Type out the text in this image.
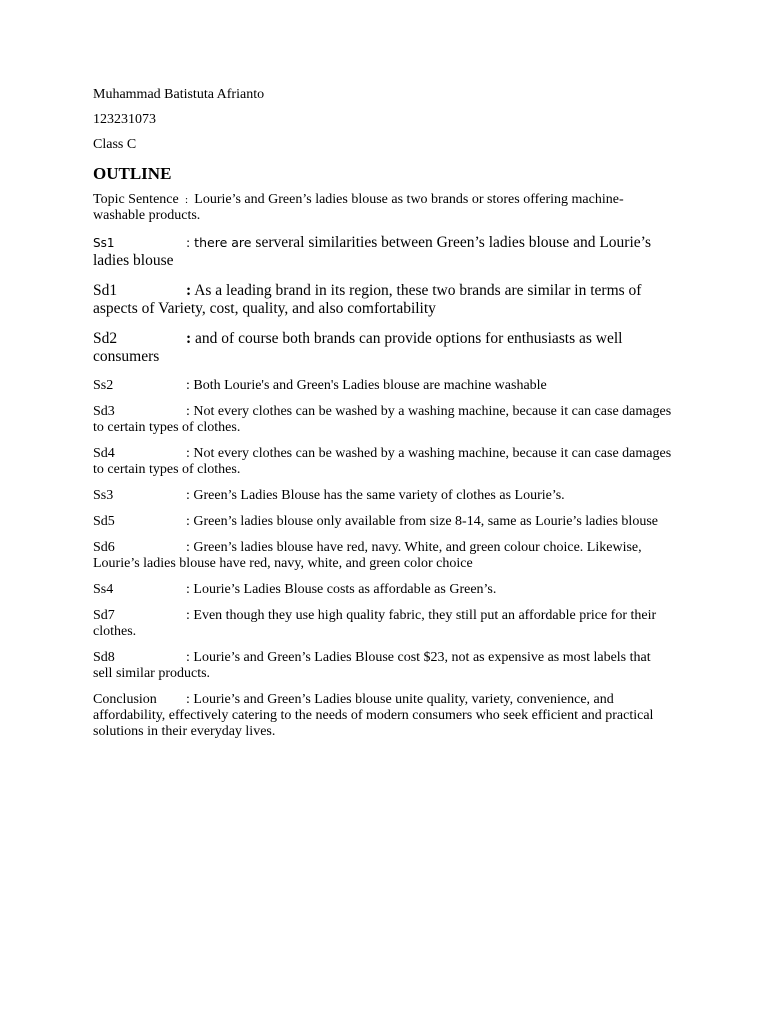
Muhammad Batistuta Afrianto

123231073

Class C

OUTLINE
Topic Sentence  :  Lourie’s and Green’s ladies blouse as two brands or stores offering machine-washable products.
Ss1	: there are serveral similarities between Green’s ladies blouse and Lourie’s ladies blouse
Sd1	: As a leading brand in its region, these two brands are similar in terms of aspects of Variety, cost, quality, and also comfortability
Sd2	: and of course both brands can provide options for enthusiasts as well consumers
Ss2	: Both Lourie's and Green's Ladies blouse are machine washable
Sd3	: Not every clothes can be washed by a washing machine, because it can case damages to certain types of clothes.
Sd4	: Not every clothes can be washed by a washing machine, because it can case damages to certain types of clothes.
Ss3	: Green’s Ladies Blouse has the same variety of clothes as Lourie’s.
Sd5	: Green’s ladies blouse only available from size 8-14, same as Lourie’s ladies blouse
Sd6	: Green’s ladies blouse have red, navy. White, and green colour choice. Likewise, Lourie’s ladies blouse have red, navy, white, and green color choice
Ss4	: Lourie’s Ladies Blouse costs as affordable as Green’s.
Sd7	: Even though they use high quality fabric, they still put an affordable price for their clothes.
Sd8	: Lourie’s and Green’s Ladies Blouse cost $23, not as expensive as most labels that sell similar products.
Conclusion : Lourie’s and Green’s Ladies blouse unite quality, variety, convenience, and affordability, effectively catering to the needs of modern consumers who seek efficient and practical solutions in their everyday lives.
